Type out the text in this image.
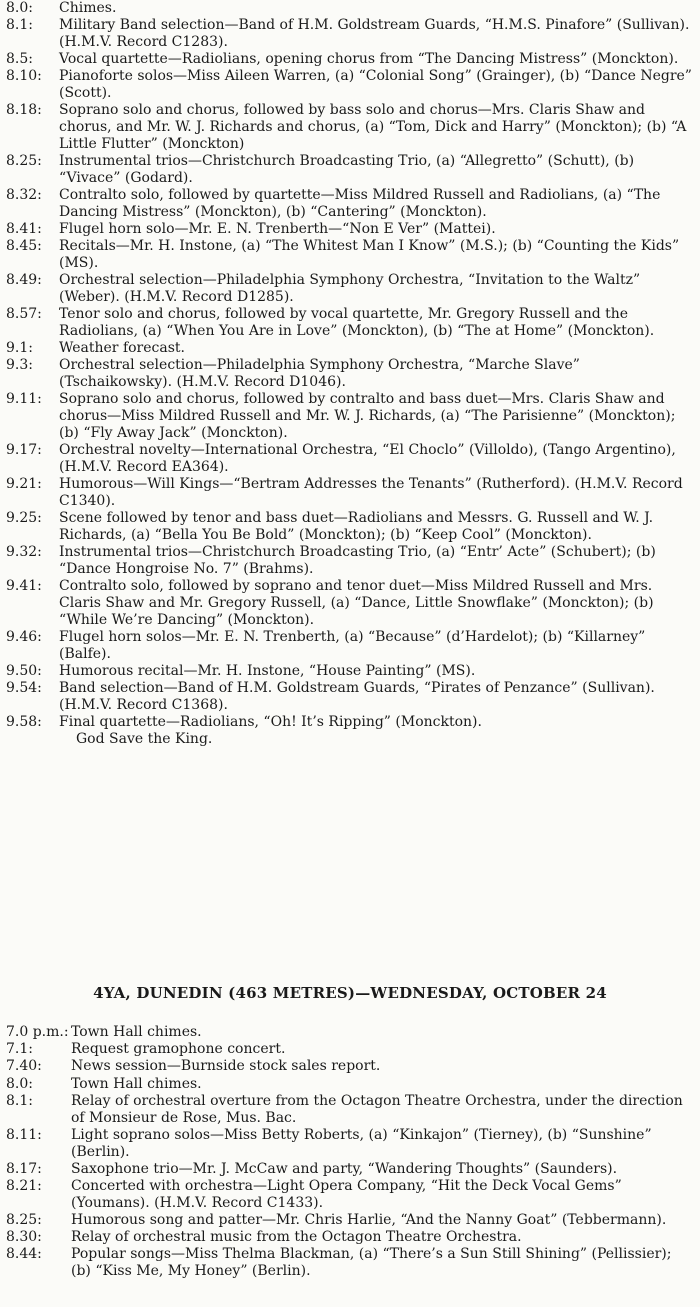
8.0: Chimes.
8.1: Military Band selection—Band of H.M. Goldstream Guards, “H.M.S. Pinafore” (Sullivan). (H.M.V. Record C1283).
8.5: Vocal quartette—Radiolians, opening chorus from “The Dancing Mistress” (Monckton).
8.10: Pianoforte solos—Miss Aileen Warren, (a) “Colonial Song” (Grainger), (b) “Dance Negre” (Scott).
8.18: Soprano solo and chorus, followed by bass solo and chorus—Mrs. Claris Shaw and chorus, and Mr. W. J. Richards and chorus, (a) “Tom, Dick and Harry” (Monckton); (b) “A Little Flutter” (Monckton)
8.25: Instrumental trios—Christchurch Broadcasting Trio, (a) “Allegretto” (Schutt), (b) “Vivace” (Godard).
8.32: Contralto solo, followed by quartette—Miss Mildred Russell and Radiolians, (a) “The Dancing Mistress” (Monckton), (b) “Cantering” (Monckton).
8.41: Flugel horn solo—Mr. E. N. Trenberth—“Non E Ver” (Mattei).
8.45: Recitals—Mr. H. Instone, (a) “The Whitest Man I Know” (M.S.); (b) “Counting the Kids” (MS).
8.49: Orchestral selection—Philadelphia Symphony Orchestra, “Invitation to the Waltz” (Weber). (H.M.V. Record D1285).
8.57: Tenor solo and chorus, followed by vocal quartette, Mr. Gregory Russell and the Radiolians, (a) “When You Are in Love” (Monckton), (b) “The at Home” (Monckton).
9.1: Weather forecast.
9.3: Orchestral selection—Philadelphia Symphony Orchestra, “Marche Slave” (Tschaikowsky). (H.M.V. Record D1046).
9.11: Soprano solo and chorus, followed by contralto and bass duet—Mrs. Claris Shaw and chorus—Miss Mildred Russell and Mr. W. J. Richards, (a) “The Parisienne” (Monckton); (b) “Fly Away Jack” (Monckton).
9.17: Orchestral novelty—International Orchestra, “El Choclo” (Villoldo), (Tango Argentino), (H.M.V. Record EA364).
9.21: Humorous—Will Kings—“Bertram Addresses the Tenants” (Rutherford). (H.M.V. Record C1340).
9.25: Scene followed by tenor and bass duet—Radiolians and Messrs. G. Russell and W. J. Richards, (a) “Bella You Be Bold” (Monckton); (b) “Keep Cool” (Monckton).
9.32: Instrumental trios—Christchurch Broadcasting Trio, (a) “Entr’ Acte” (Schubert); (b) “Dance Hongroise No. 7” (Brahms).
9.41: Contralto solo, followed by soprano and tenor duet—Miss Mildred Russell and Mrs. Claris Shaw and Mr. Gregory Russell, (a) “Dance, Little Snowflake” (Monckton); (b) “While We’re Dancing” (Monckton).
9.46: Flugel horn solos—Mr. E. N. Trenberth, (a) “Because” (d’Hardelot); (b) “Killarney” (Balfe).
9.50: Humorous recital—Mr. H. Instone, “House Painting” (MS).
9.54: Band selection—Band of H.M. Goldstream Guards, “Pirates of Penzance” (Sullivan). (H.M.V. Record C1368).
9.58: Final quartette—Radiolians, “Oh! It’s Ripping” (Monckton).
God Save the King.
4YA, DUNEDIN (463 METRES)—WEDNESDAY, OCTOBER 24
7.0 p.m.: Town Hall chimes.
7.1:	Request gramophone concert.
7.40: News session—Burnside stock sales report.
8.0:	Town Hall chimes.
8.1:	Relay of orchestral overture from the Octagon Theatre Orchestra, under the direction of Monsieur de Rose, Mus. Bac.
8.11: Light soprano solos—Miss Betty Roberts, (a) “Kinkajon” (Tierney), (b) “Sunshine” (Berlin).
8.17: Saxophone trio—Mr. J. McCaw and party, “Wandering Thoughts” (Saunders).
8.21: Concerted with orchestra—Light Opera Company, “Hit the Deck Vocal Gems” (Youmans). (H.M.V. Record C1433).
8.25: Humorous song and patter—Mr. Chris Harlie, “And the Nanny Goat” (Tebbermann).
8.30: Relay of orchestral music from the Octagon Theatre Orchestra.
8.44: Popular songs—Miss Thelma Blackman, (a) “There’s a Sun Still Shining” (Pellissier); (b) “Kiss Me, My Honey” (Berlin).
